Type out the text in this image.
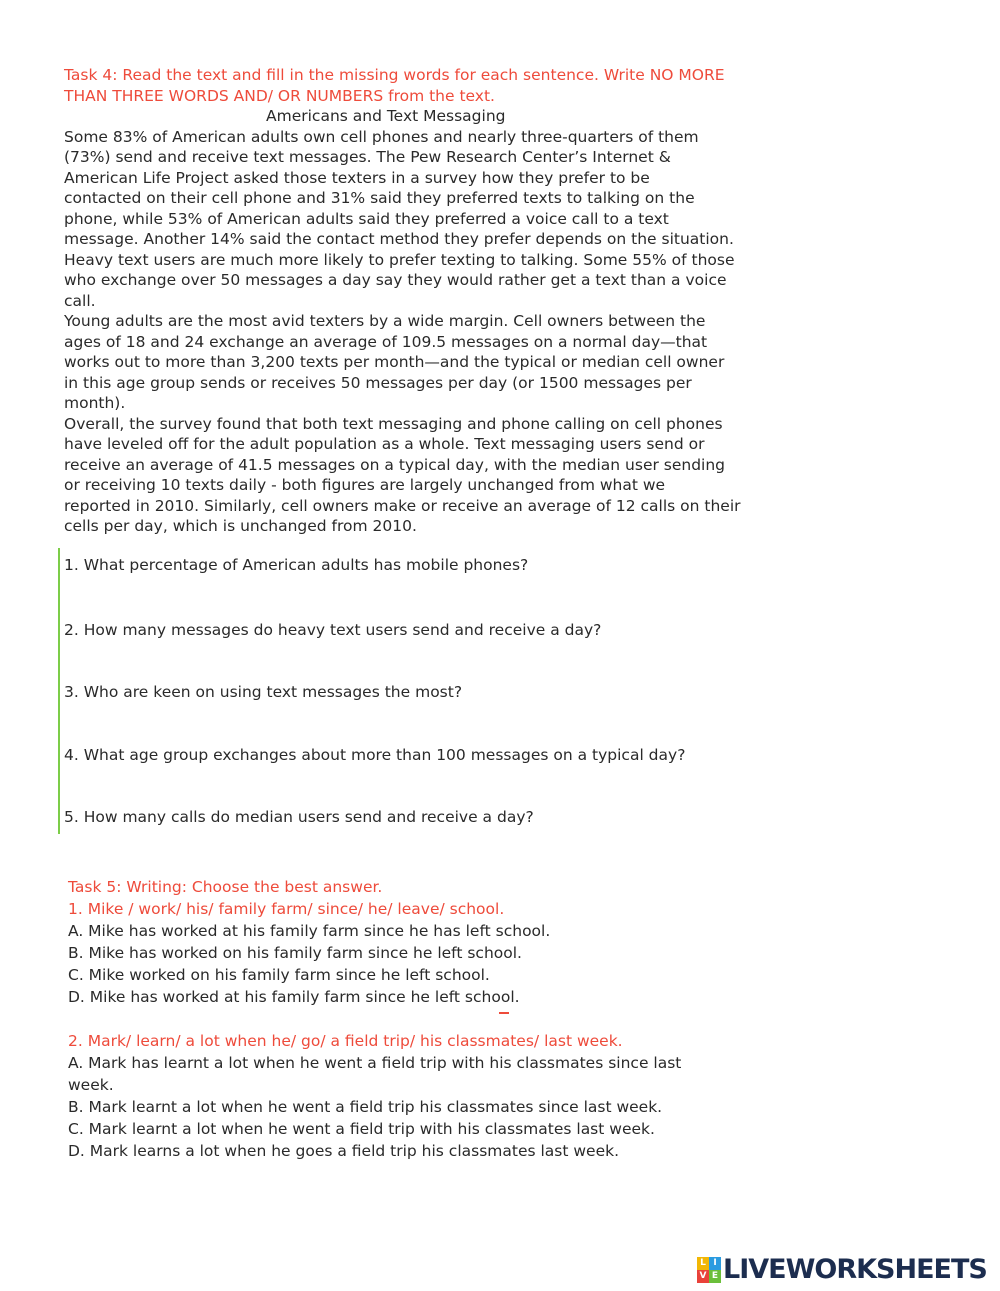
Task 4: Read the text and fill in the missing words for each sentence. Write NO MORE

THAN THREE WORDS AND/ OR NUMBERS from the text.

Americans and Text Messaging

Some 83% of American adults own cell phones and nearly three-quarters of them

(73%) send and receive text messages. The Pew Research Center’s Internet &

American Life Project asked those texters in a survey how they prefer to be

contacted on their cell phone and 31% said they preferred texts to talking on the

phone, while 53% of American adults said they preferred a voice call to a text

message. Another 14% said the contact method they prefer depends on the situation.

Heavy text users are much more likely to prefer texting to talking. Some 55% of those

who exchange over 50 messages a day say they would rather get a text than a voice

call.

Young adults are the most avid texters by a wide margin. Cell owners between the

ages of 18 and 24 exchange an average of 109.5 messages on a normal day—that

works out to more than 3,200 texts per month—and the typical or median cell owner

in this age group sends or receives 50 messages per day (or 1500 messages per

month).

Overall, the survey found that both text messaging and phone calling on cell phones

have leveled off for the adult population as a whole. Text messaging users send or

receive an average of 41.5 messages on a typical day, with the median user sending

or receiving 10 texts daily - both figures are largely unchanged from what we

reported in 2010. Similarly, cell owners make or receive an average of 12 calls on their

cells per day, which is unchanged from 2010.

1. What percentage of American adults has mobile phones?

2. How many messages do heavy text users send and receive a day?

3. Who are keen on using text messages the most?

4. What age group exchanges about more than 100 messages on a typical day?

5. How many calls do median users send and receive a day?

Task 5: Writing: Choose the best answer.

1. Mike / work/ his/ family farm/ since/ he/ leave/ school.

A. Mike has worked at his family farm since he has left school.

B. Mike has worked on his family farm since he left school.

C. Mike worked on his family farm since he left school.

D. Mike has worked at his family farm since he left school.

2. Mark/ learn/ a lot when he/ go/ a field trip/ his classmates/ last week.

A. Mark has learnt a lot when he went a field trip with his classmates since last

week.

B. Mark learnt a lot when he went a field trip his classmates since last week.

C. Mark learnt a lot when he went a field trip with his classmates last week.

D. Mark learns a lot when he goes a field trip his classmates last week.

L I
V E LIVEWORKSHEETS
